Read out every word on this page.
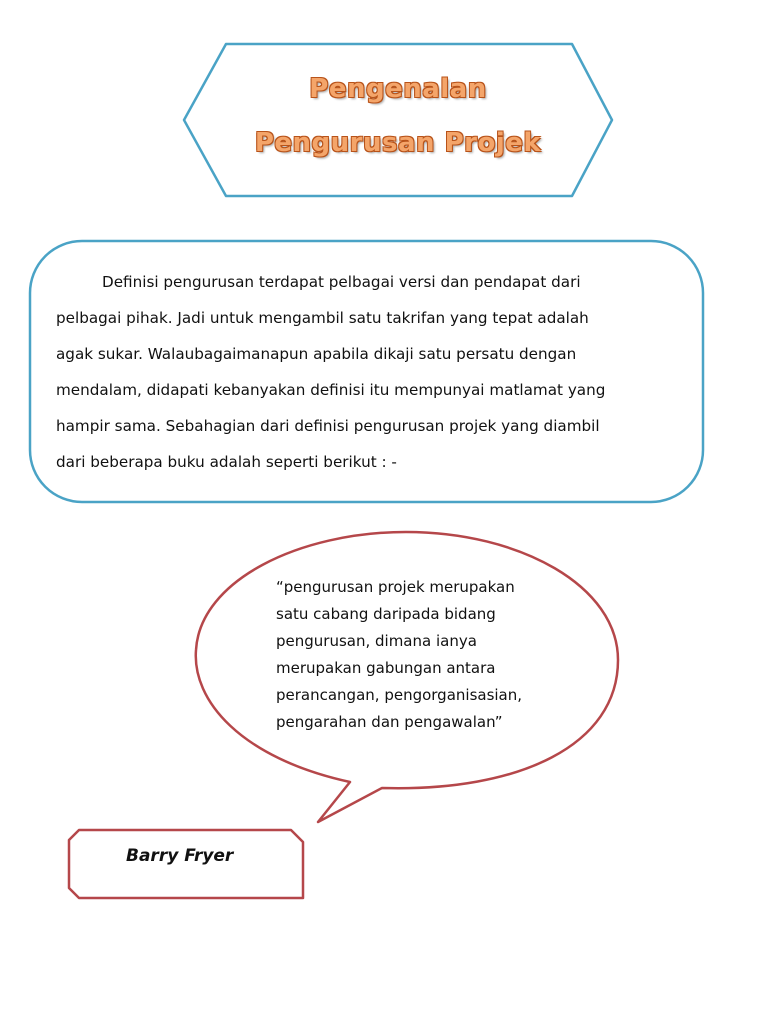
Pengenalan
Pengurusan Projek

Definisi pengurusan terdapat pelbagai versi dan pendapat dari
pelbagai pihak. Jadi untuk mengambil satu takrifan yang tepat adalah
agak sukar. Walaubagaimanapun apabila dikaji satu persatu dengan
mendalam, didapati kebanyakan definisi itu mempunyai matlamat yang
hampir sama. Sebahagian dari definisi pengurusan projek yang diambil
dari beberapa buku adalah seperti berikut : -

“pengurusan projek merupakan
satu cabang daripada bidang
pengurusan, dimana ianya
merupakan gabungan antara
perancangan, pengorganisasian,
pengarahan dan pengawalan”

Barry Fryer
